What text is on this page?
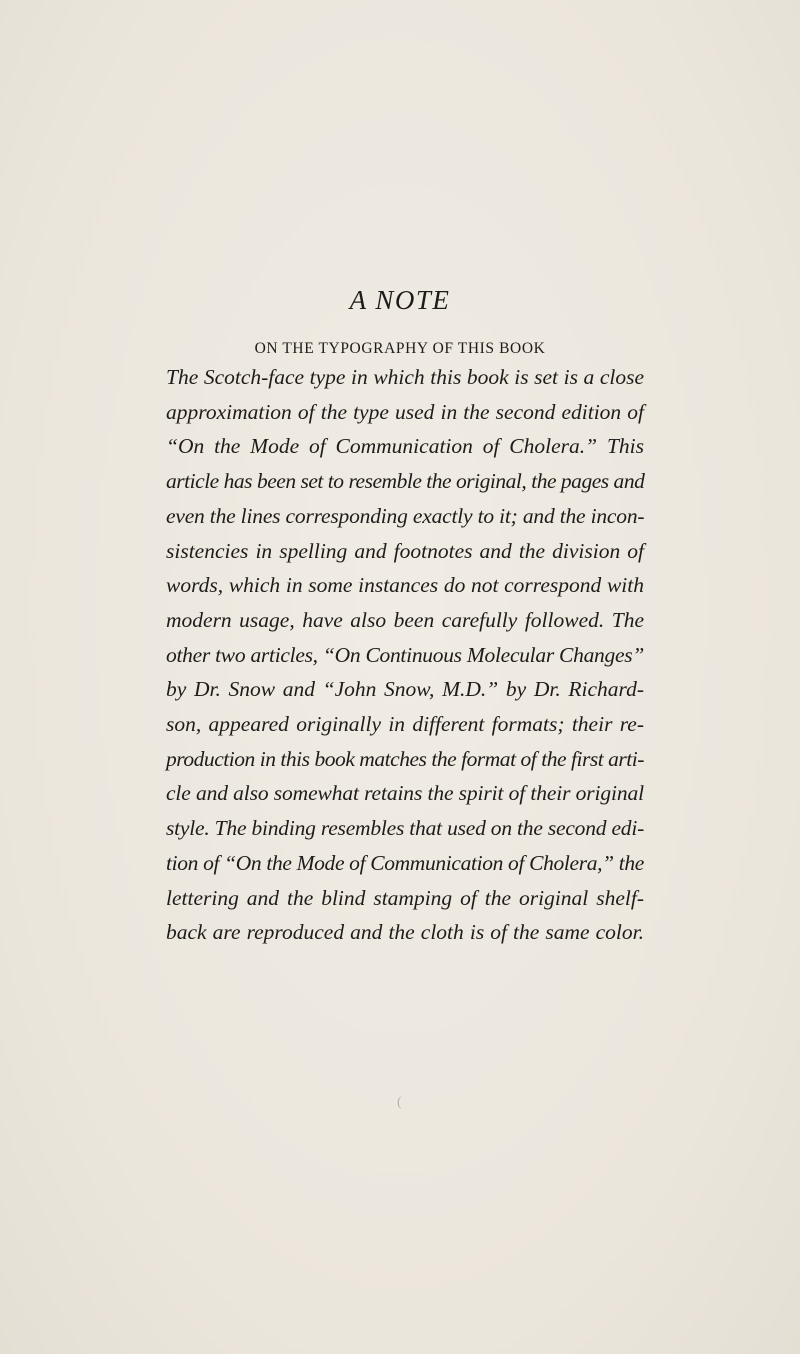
A NOTE
ON THE TYPOGRAPHY OF THIS BOOK
The Scotch-face type in which this book is set is a close
approximation of the type used in the second edition of
“On the Mode of Communication of Cholera.” This
article has been set to resemble the original, the pages and
even the lines corresponding exactly to it; and the incon-
sistencies in spelling and footnotes and the division of
words, which in some instances do not correspond with
modern usage, have also been carefully followed. The
other two articles, “On Continuous Molecular Changes”
by Dr. Snow and “John Snow, M.D.” by Dr. Richard-
son, appeared originally in different formats; their re-
production in this book matches the format of the first arti-
cle and also somewhat retains the spirit of their original
style. The binding resembles that used on the second edi-
tion of “On the Mode of Communication of Cholera,” the
lettering and the blind stamping of the original shelf-
back are reproduced and the cloth is of the same color.
(
